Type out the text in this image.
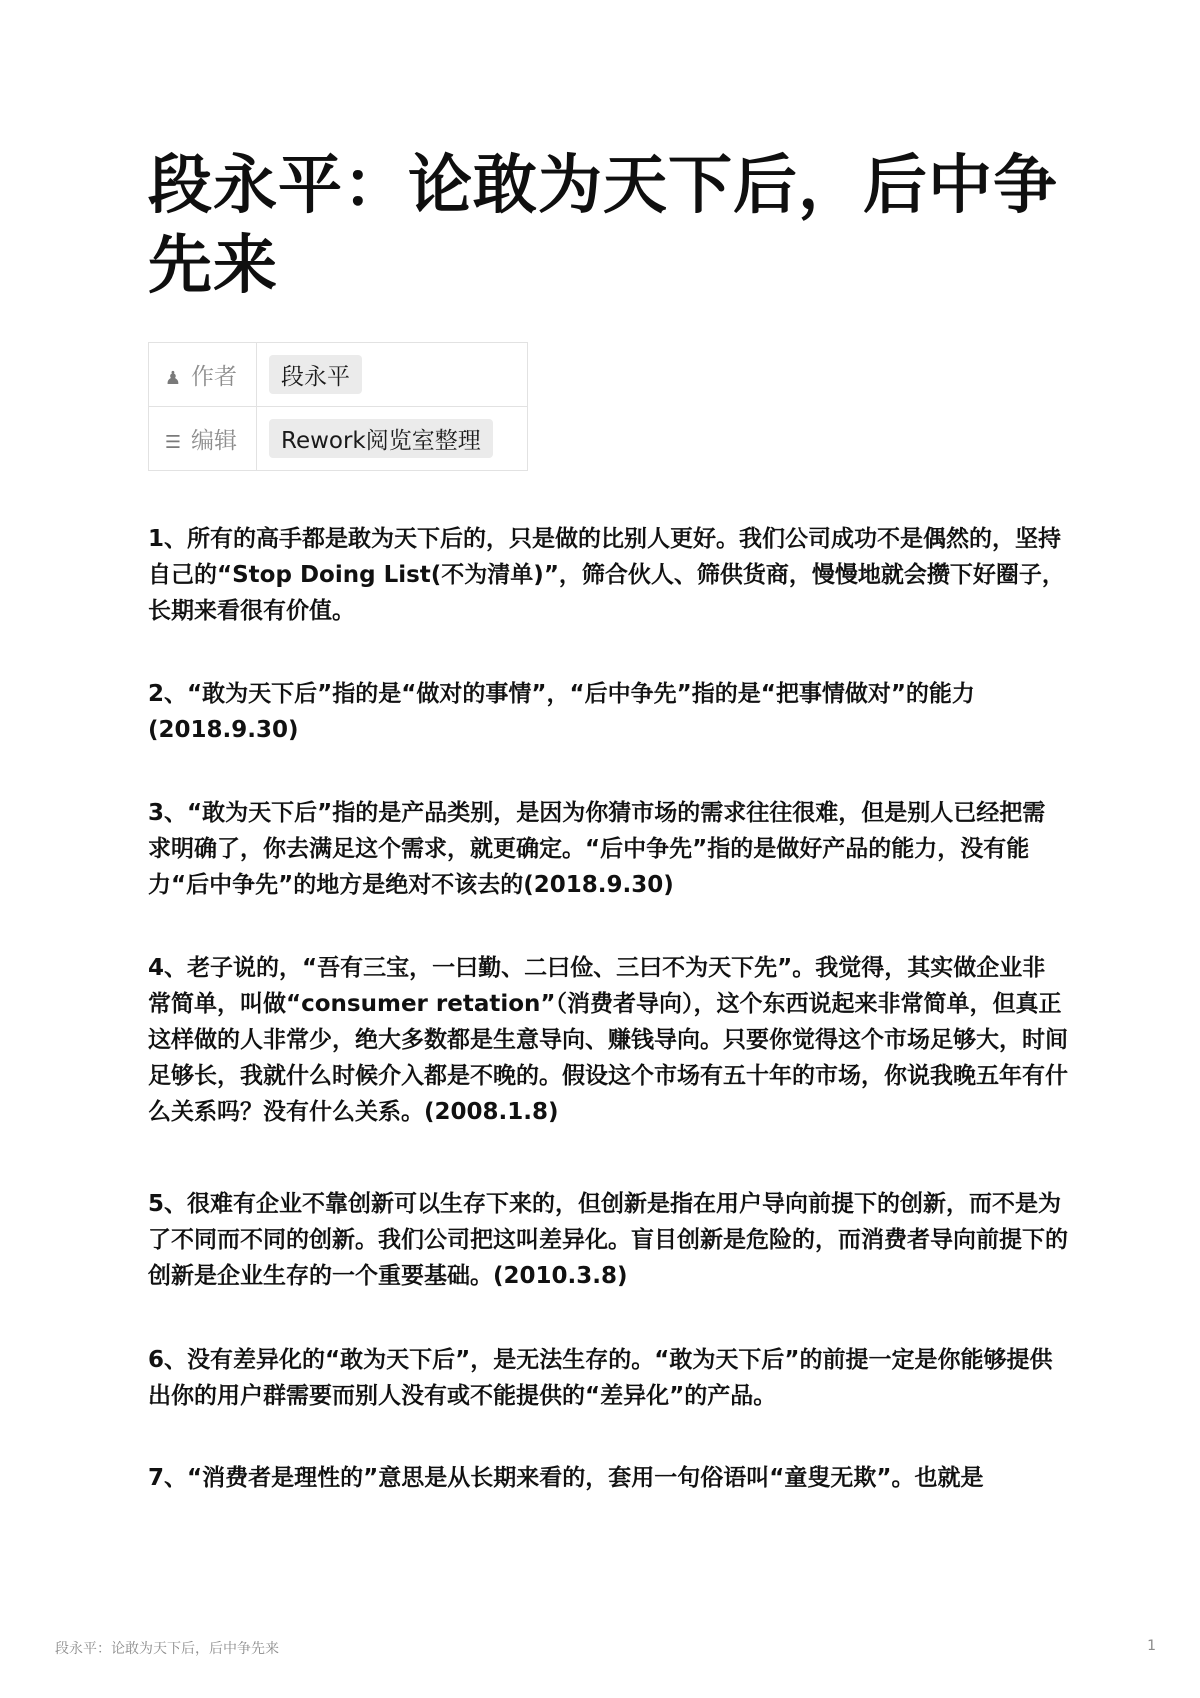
段永平：论敢为天下后，后中争先来
♟ 作者	段永平
☰ 编辑	Rework阅览室整理

1、所有的高手都是敢为天下后的，只是做的比别人更好。我们公司成功不是偶然的，坚持自己的“Stop Doing List(不为清单)”，筛合伙人、筛供货商，慢慢地就会攒下好圈子，长期来看很有价值。

2、“敢为天下后”指的是“做对的事情”，“后中争先”指的是“把事情做对”的能力(2018.9.30)

3、“敢为天下后”指的是产品类别，是因为你猜市场的需求往往很难，但是别人已经把需求明确了，你去满足这个需求，就更确定。“后中争先”指的是做好产品的能力，没有能力“后中争先”的地方是绝对不该去的(2018.9.30)

4、老子说的，“吾有三宝，一曰勤、二曰俭、三曰不为天下先”。我觉得，其实做企业非常简单，叫做“consumer retation”（消费者导向），这个东西说起来非常简单，但真正这样做的人非常少，绝大多数都是生意导向、赚钱导向。只要你觉得这个市场足够大，时间足够长，我就什么时候介入都是不晚的。假设这个市场有五十年的市场，你说我晚五年有什么关系吗？没有什么关系。(2008.1.8)

5、很难有企业不靠创新可以生存下来的，但创新是指在用户导向前提下的创新，而不是为了不同而不同的创新。我们公司把这叫差异化。盲目创新是危险的，而消费者导向前提下的创新是企业生存的一个重要基础。(2010.3.8)

6、没有差异化的“敢为天下后”，是无法生存的。“敢为天下后”的前提一定是你能够提供出你的用户群需要而别人没有或不能提供的“差异化”的产品。

7、“消费者是理性的”意思是从长期来看的，套用一句俗语叫“童叟无欺”。也就是

段永平：论敢为天下后，后中争先来	1
